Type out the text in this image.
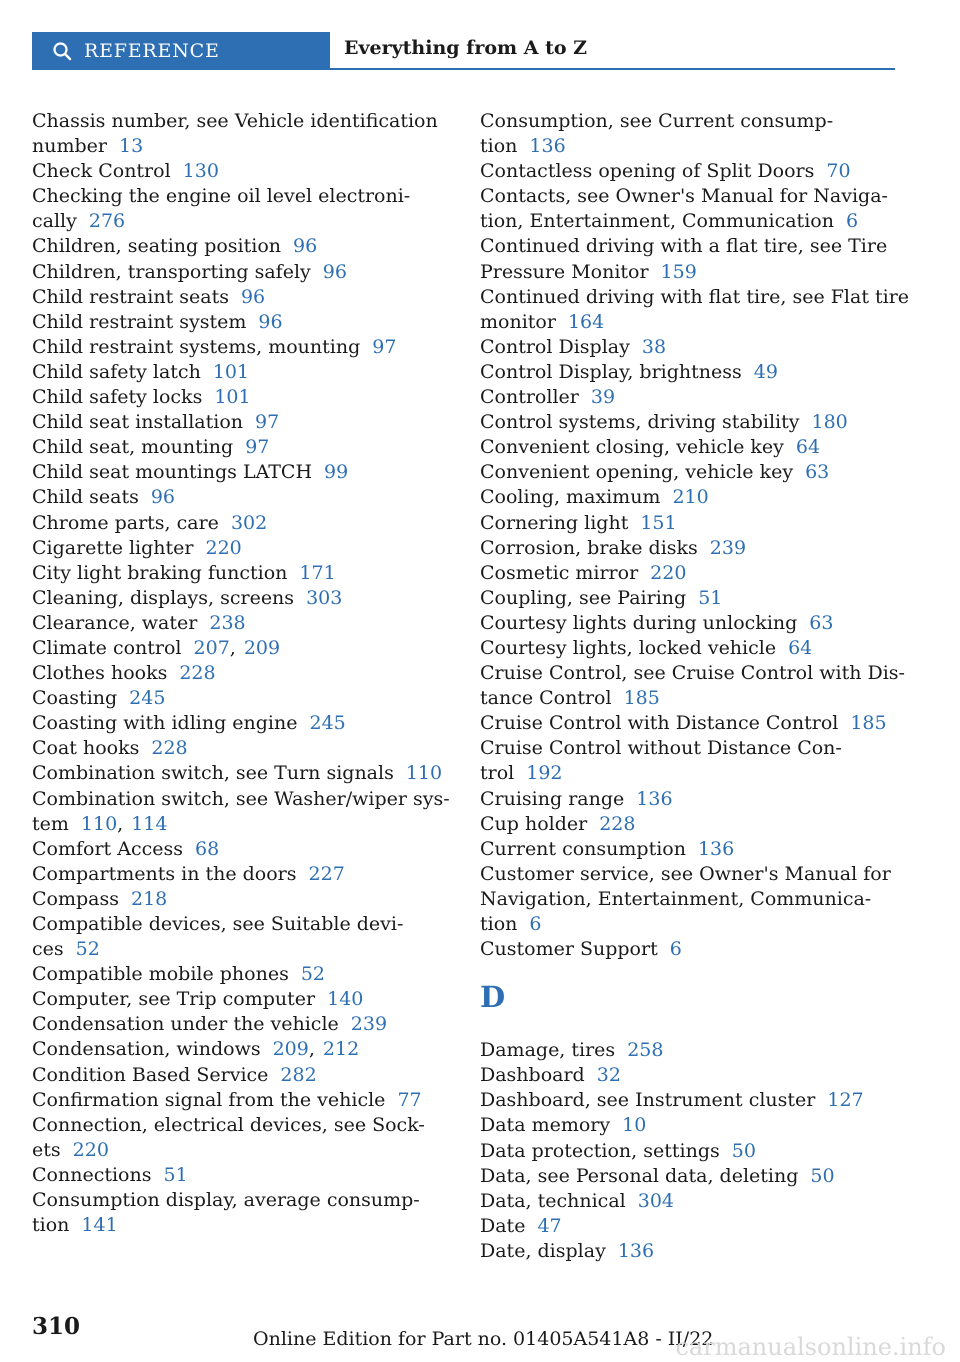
REFERENCE	Everything from A to Z
Chassis number, see Vehicle identification
number 13
Check Control 130
Checking the engine oil level electroni-
cally 276
Children, seating position 96
Children, transporting safely 96
Child restraint seats 96
Child restraint system 96
Child restraint systems, mounting 97
Child safety latch 101
Child safety locks 101
Child seat installation 97
Child seat, mounting 97
Child seat mountings LATCH 99
Child seats 96
Chrome parts, care 302
Cigarette lighter 220
City light braking function 171
Cleaning, displays, screens 303
Clearance, water 238
Climate control 207, 209
Clothes hooks 228
Coasting 245
Coasting with idling engine 245
Coat hooks 228
Combination switch, see Turn signals 110
Combination switch, see Washer/wiper sys-
tem 110, 114
Comfort Access 68
Compartments in the doors 227
Compass 218
Compatible devices, see Suitable devi-
ces 52
Compatible mobile phones 52
Computer, see Trip computer 140
Condensation under the vehicle 239
Condensation, windows 209, 212
Condition Based Service 282
Confirmation signal from the vehicle 77
Connection, electrical devices, see Sock-
ets 220
Connections 51
Consumption display, average consump-
tion 141
Consumption, see Current consump-
tion 136
Contactless opening of Split Doors 70
Contacts, see Owner's Manual for Naviga-
tion, Entertainment, Communication 6
Continued driving with a flat tire, see Tire
Pressure Monitor 159
Continued driving with flat tire, see Flat tire
monitor 164
Control Display 38
Control Display, brightness 49
Controller 39
Control systems, driving stability 180
Convenient closing, vehicle key 64
Convenient opening, vehicle key 63
Cooling, maximum 210
Cornering light 151
Corrosion, brake disks 239
Cosmetic mirror 220
Coupling, see Pairing 51
Courtesy lights during unlocking 63
Courtesy lights, locked vehicle 64
Cruise Control, see Cruise Control with Dis-
tance Control 185
Cruise Control with Distance Control 185
Cruise Control without Distance Con-
trol 192
Cruising range 136
Cup holder 228
Current consumption 136
Customer service, see Owner's Manual for
Navigation, Entertainment, Communica-
tion 6
Customer Support 6
D
Damage, tires 258
Dashboard 32
Dashboard, see Instrument cluster 127
Data memory 10
Data protection, settings 50
Data, see Personal data, deleting 50
Data, technical 304
Date 47
Date, display 136
310	Online Edition for Part no. 01405A541A8 - II/22
carmanualsonline.info
